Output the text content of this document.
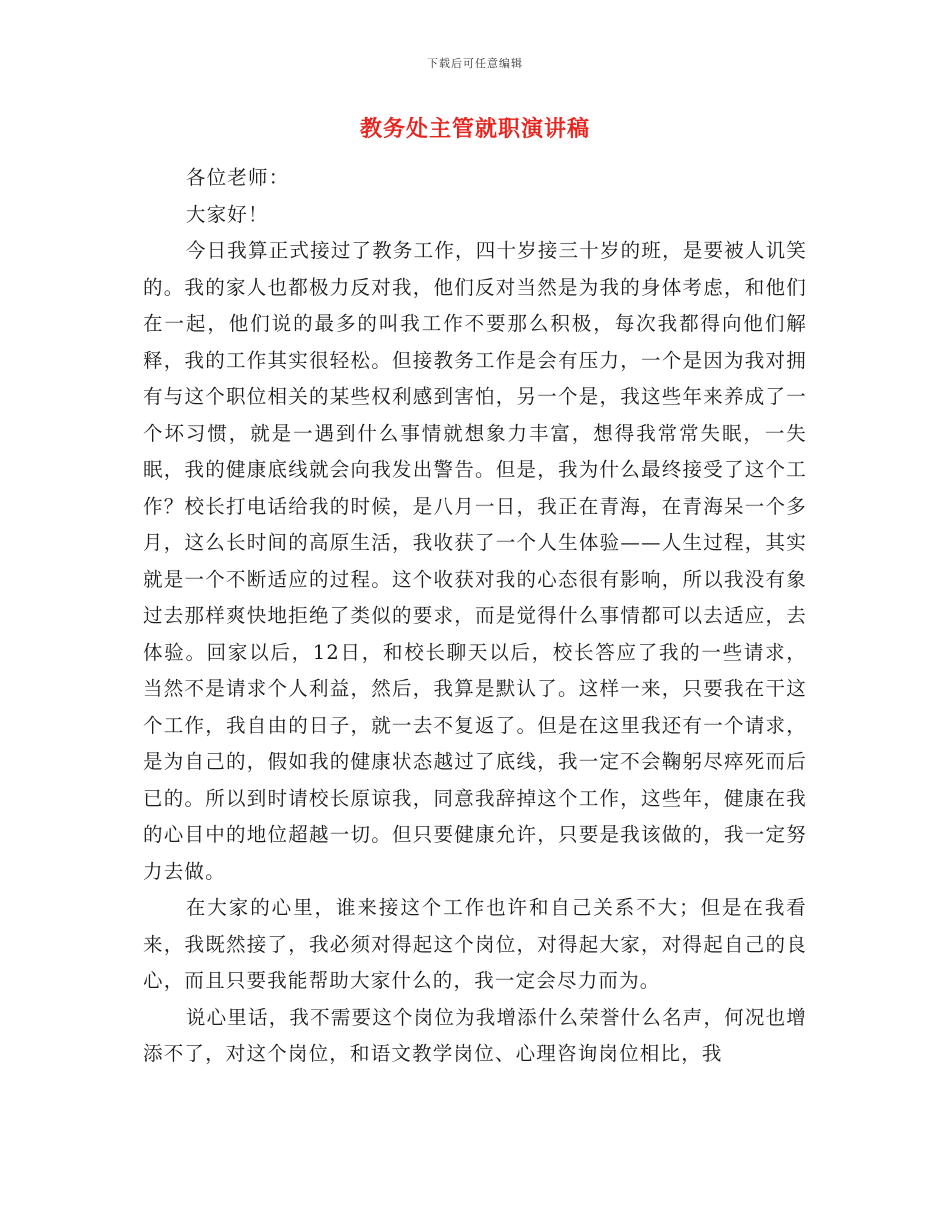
下载后可任意编辑
教务处主管就职演讲稿

各位老师：

大家好！

今日我算正式接过了教务工作，四十岁接三十岁的班，是要被人讥笑的。我的家人也都极力反对我，他们反对当然是为我的身体考虑，和他们在一起，他们说的最多的叫我工作不要那么积极，每次我都得向他们解释，我的工作其实很轻松。但接教务工作是会有压力，一个是因为我对拥有与这个职位相关的某些权利感到害怕，另一个是，我这些年来养成了一个坏习惯，就是一遇到什么事情就想象力丰富，想得我常常失眠，一失眠，我的健康底线就会向我发出警告。但是，我为什么最终接受了这个工作？校长打电话给我的时候，是八月一日，我正在青海，在青海呆一个多月，这么长时间的高原生活，我收获了一个人生体验——人生过程，其实就是一个不断适应的过程。这个收获对我的心态很有影响，所以我没有象过去那样爽快地拒绝了类似的要求，而是觉得什么事情都可以去适应，去体验。回家以后，12日，和校长聊天以后，校长答应了我的一些请求，当然不是请求个人利益，然后，我算是默认了。这样一来，只要我在干这个工作，我自由的日子，就一去不复返了。但是在这里我还有一个请求，是为自己的，假如我的健康状态越过了底线，我一定不会鞠躬尽瘁死而后已的。所以到时请校长原谅我，同意我辞掉这个工作，这些年，健康在我的心目中的地位超越一切。但只要健康允许，只要是我该做的，我一定努力去做。

在大家的心里，谁来接这个工作也许和自己关系不大；但是在我看来，我既然接了，我必须对得起这个岗位，对得起大家，对得起自己的良心，而且只要我能帮助大家什么的，我一定会尽力而为。

说心里话，我不需要这个岗位为我增添什么荣誉什么名声，何况也增添不了，对这个岗位，和语文教学岗位、心理咨询岗位相比，我
